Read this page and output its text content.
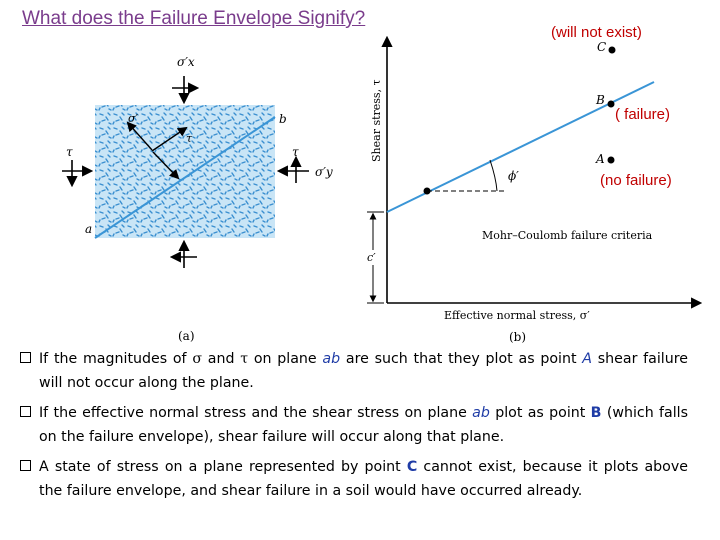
What does the Failure Envelope Signify?
σ′x
σ′y
τ	τ
σ′
τ
a
b
(a)
Shear stress, τ
Effective normal stress, σ′
Mohr–Coulomb failure criteria
c′
ϕ′
C
B
A
(b)
(will not exist)
( failure)
(no failure)
If the magnitudes of σ and τ on plane ab are such that they plot as point A shear failure will not occur along the plane.
If the effective normal stress and the shear stress on plane ab plot as point B (which falls on the failure envelope), shear failure will occur along that plane.
A state of stress on a plane represented by point C cannot exist, because it plots above the failure envelope, and shear failure in a soil would have occurred already.
